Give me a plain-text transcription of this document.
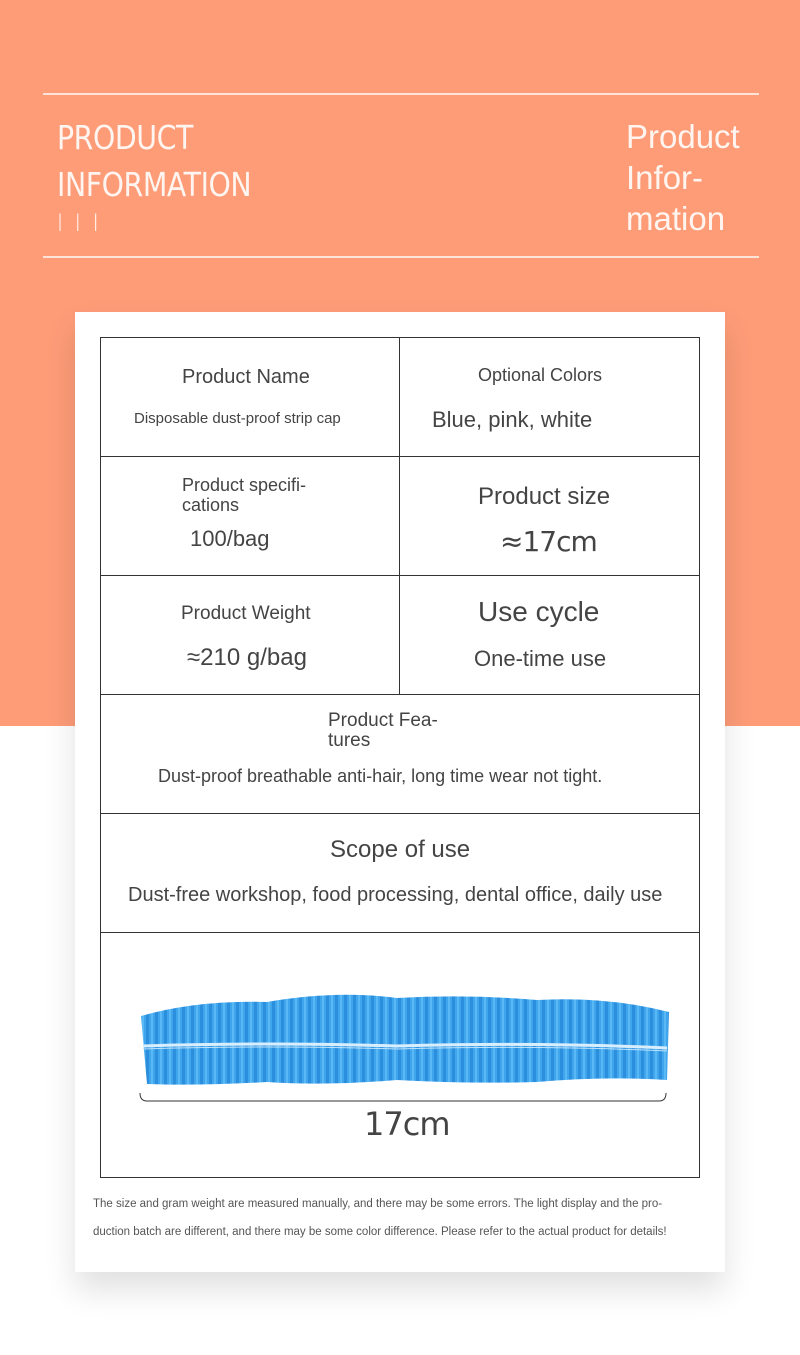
PRODUCT
INFORMATION
I I I
Product
Infor-
mation
Product Name
Disposable dust-proof strip cap
Optional Colors
Blue, pink, white
Product specifi-
cations
100/bag
Product size
≈17cm
Product Weight
≈210 g/bag
Use cycle
One-time use
Product Fea-
tures
Dust-proof breathable anti-hair, long time wear not tight.
Scope of use
Dust-free workshop, food processing, dental office, daily use
17cm
The size and gram weight are measured manually, and there may be some errors. The light display and the pro-
duction batch are different, and there may be some color difference. Please refer to the actual product for details!
